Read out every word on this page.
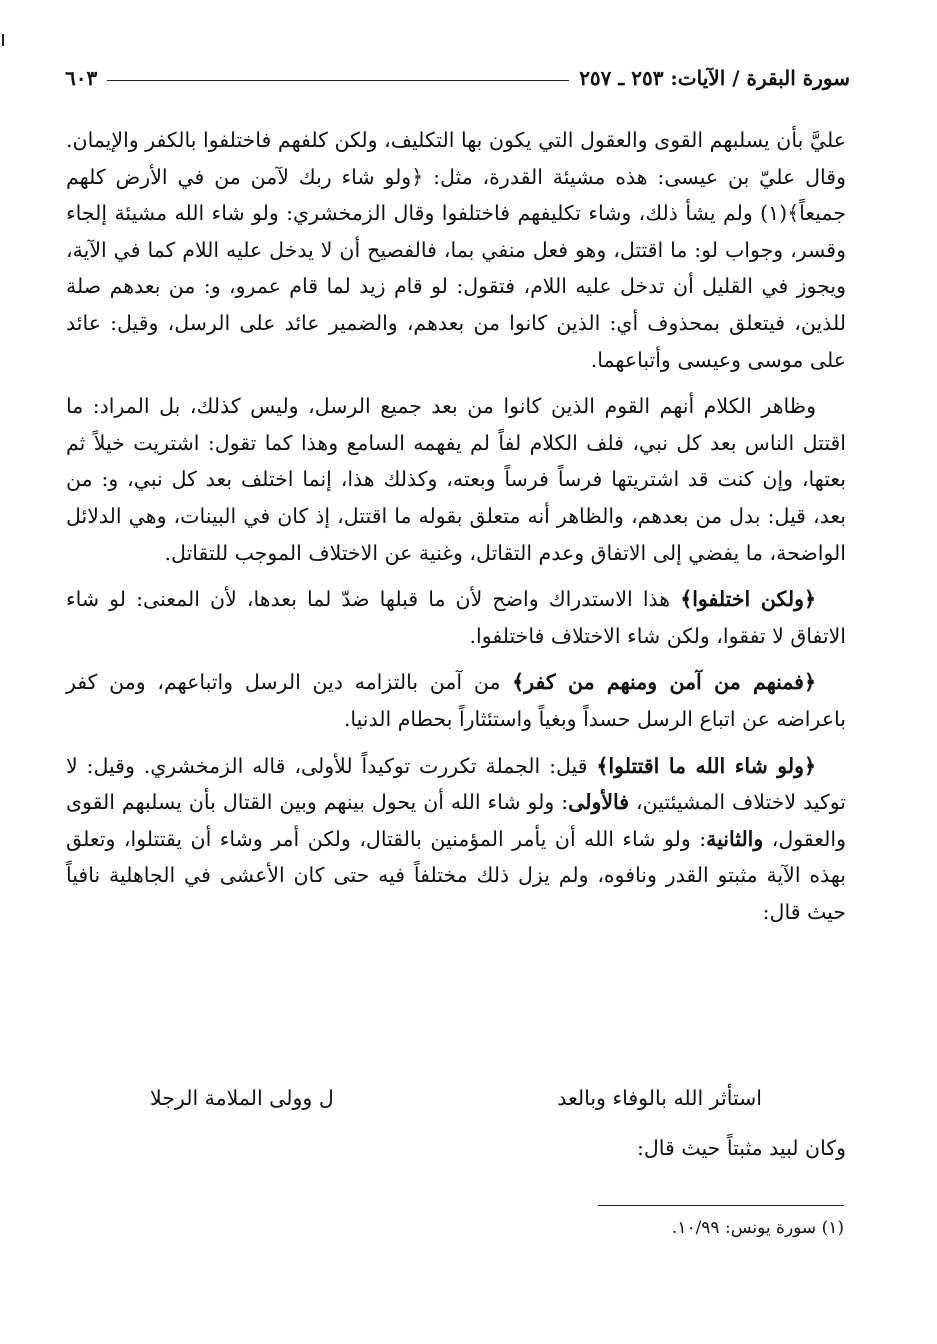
سورة البقرة / الآيات: ٢٥٣ ـ ٢٥٧
٦٠٣

عليَّ بأن يسلبهم القوى والعقول التي يكون بها التكليف، ولكن كلفهم فاختلفوا بالكفر والإيمان. وقال عليّ بن عيسى: هذه مشيئة القدرة، مثل: ﴿ولو شاء ربك لآمن من في الأرض كلهم جميعاً﴾(١) ولم يشأ ذلك، وشاء تكليفهم فاختلفوا وقال الزمخشري: ولو شاء الله مشيئة إلجاء وقسر، وجواب لو: ما اقتتل، وهو فعل منفي بما، فالفصيح أن لا يدخل عليه اللام كما في الآية، ويجوز في القليل أن تدخل عليه اللام، فتقول: لو قام زيد لما قام عمرو، و: من بعدهم صلة للذين، فيتعلق بمحذوف أي: الذين كانوا من بعدهم، والضمير عائد على الرسل، وقيل: عائد على موسى وعيسى وأتباعهما.

وظاهر الكلام أنهم القوم الذين كانوا من بعد جميع الرسل، وليس كذلك، بل المراد: ما اقتتل الناس بعد كل نبي، فلف الكلام لفاً لم يفهمه السامع وهذا كما تقول: اشتريت خيلاً ثم بعتها، وإن كنت قد اشتريتها فرساً فرساً وبعته، وكذلك هذا، إنما اختلف بعد كل نبي، و: من بعد، قيل: بدل من بعدهم، والظاهر أنه متعلق بقوله ما اقتتل، إذ كان في البينات، وهي الدلائل الواضحة، ما يفضي إلى الاتفاق وعدم التقاتل، وغنية عن الاختلاف الموجب للتقاتل.

﴿ولكن اختلفوا﴾ هذا الاستدراك واضح لأن ما قبلها ضدّ لما بعدها، لأن المعنى: لو شاء الاتفاق لا تفقوا، ولكن شاء الاختلاف فاختلفوا.

﴿فمنهم من آمن ومنهم من كفر﴾ من آمن بالتزامه دين الرسل واتباعهم، ومن كفر باعراضه عن اتباع الرسل حسداً وبغياً واستئثاراً بحطام الدنيا.

﴿ولو شاء الله ما اقتتلوا﴾ قيل: الجملة تكررت توكيداً للأولى، قاله الزمخشري. وقيل: لا توكيد لاختلاف المشيئتين، فالأولى: ولو شاء الله أن يحول بينهم وبين القتال بأن يسلبهم القوى والعقول، والثانية: ولو شاء الله أن يأمر المؤمنين بالقتال، ولكن أمر وشاء أن يقتتلوا، وتعلق بهذه الآية مثبتو القدر ونافوه، ولم يزل ذلك مختلفاً فيه حتى كان الأعشى في الجاهلية نافياً حيث قال:

استأثر الله بالوفاء وبالعد
ل وولى الملامة الرجلا
وكان لبيد مثبتاً حيث قال:
(١) سورة يونس: ١٠/٩٩.
